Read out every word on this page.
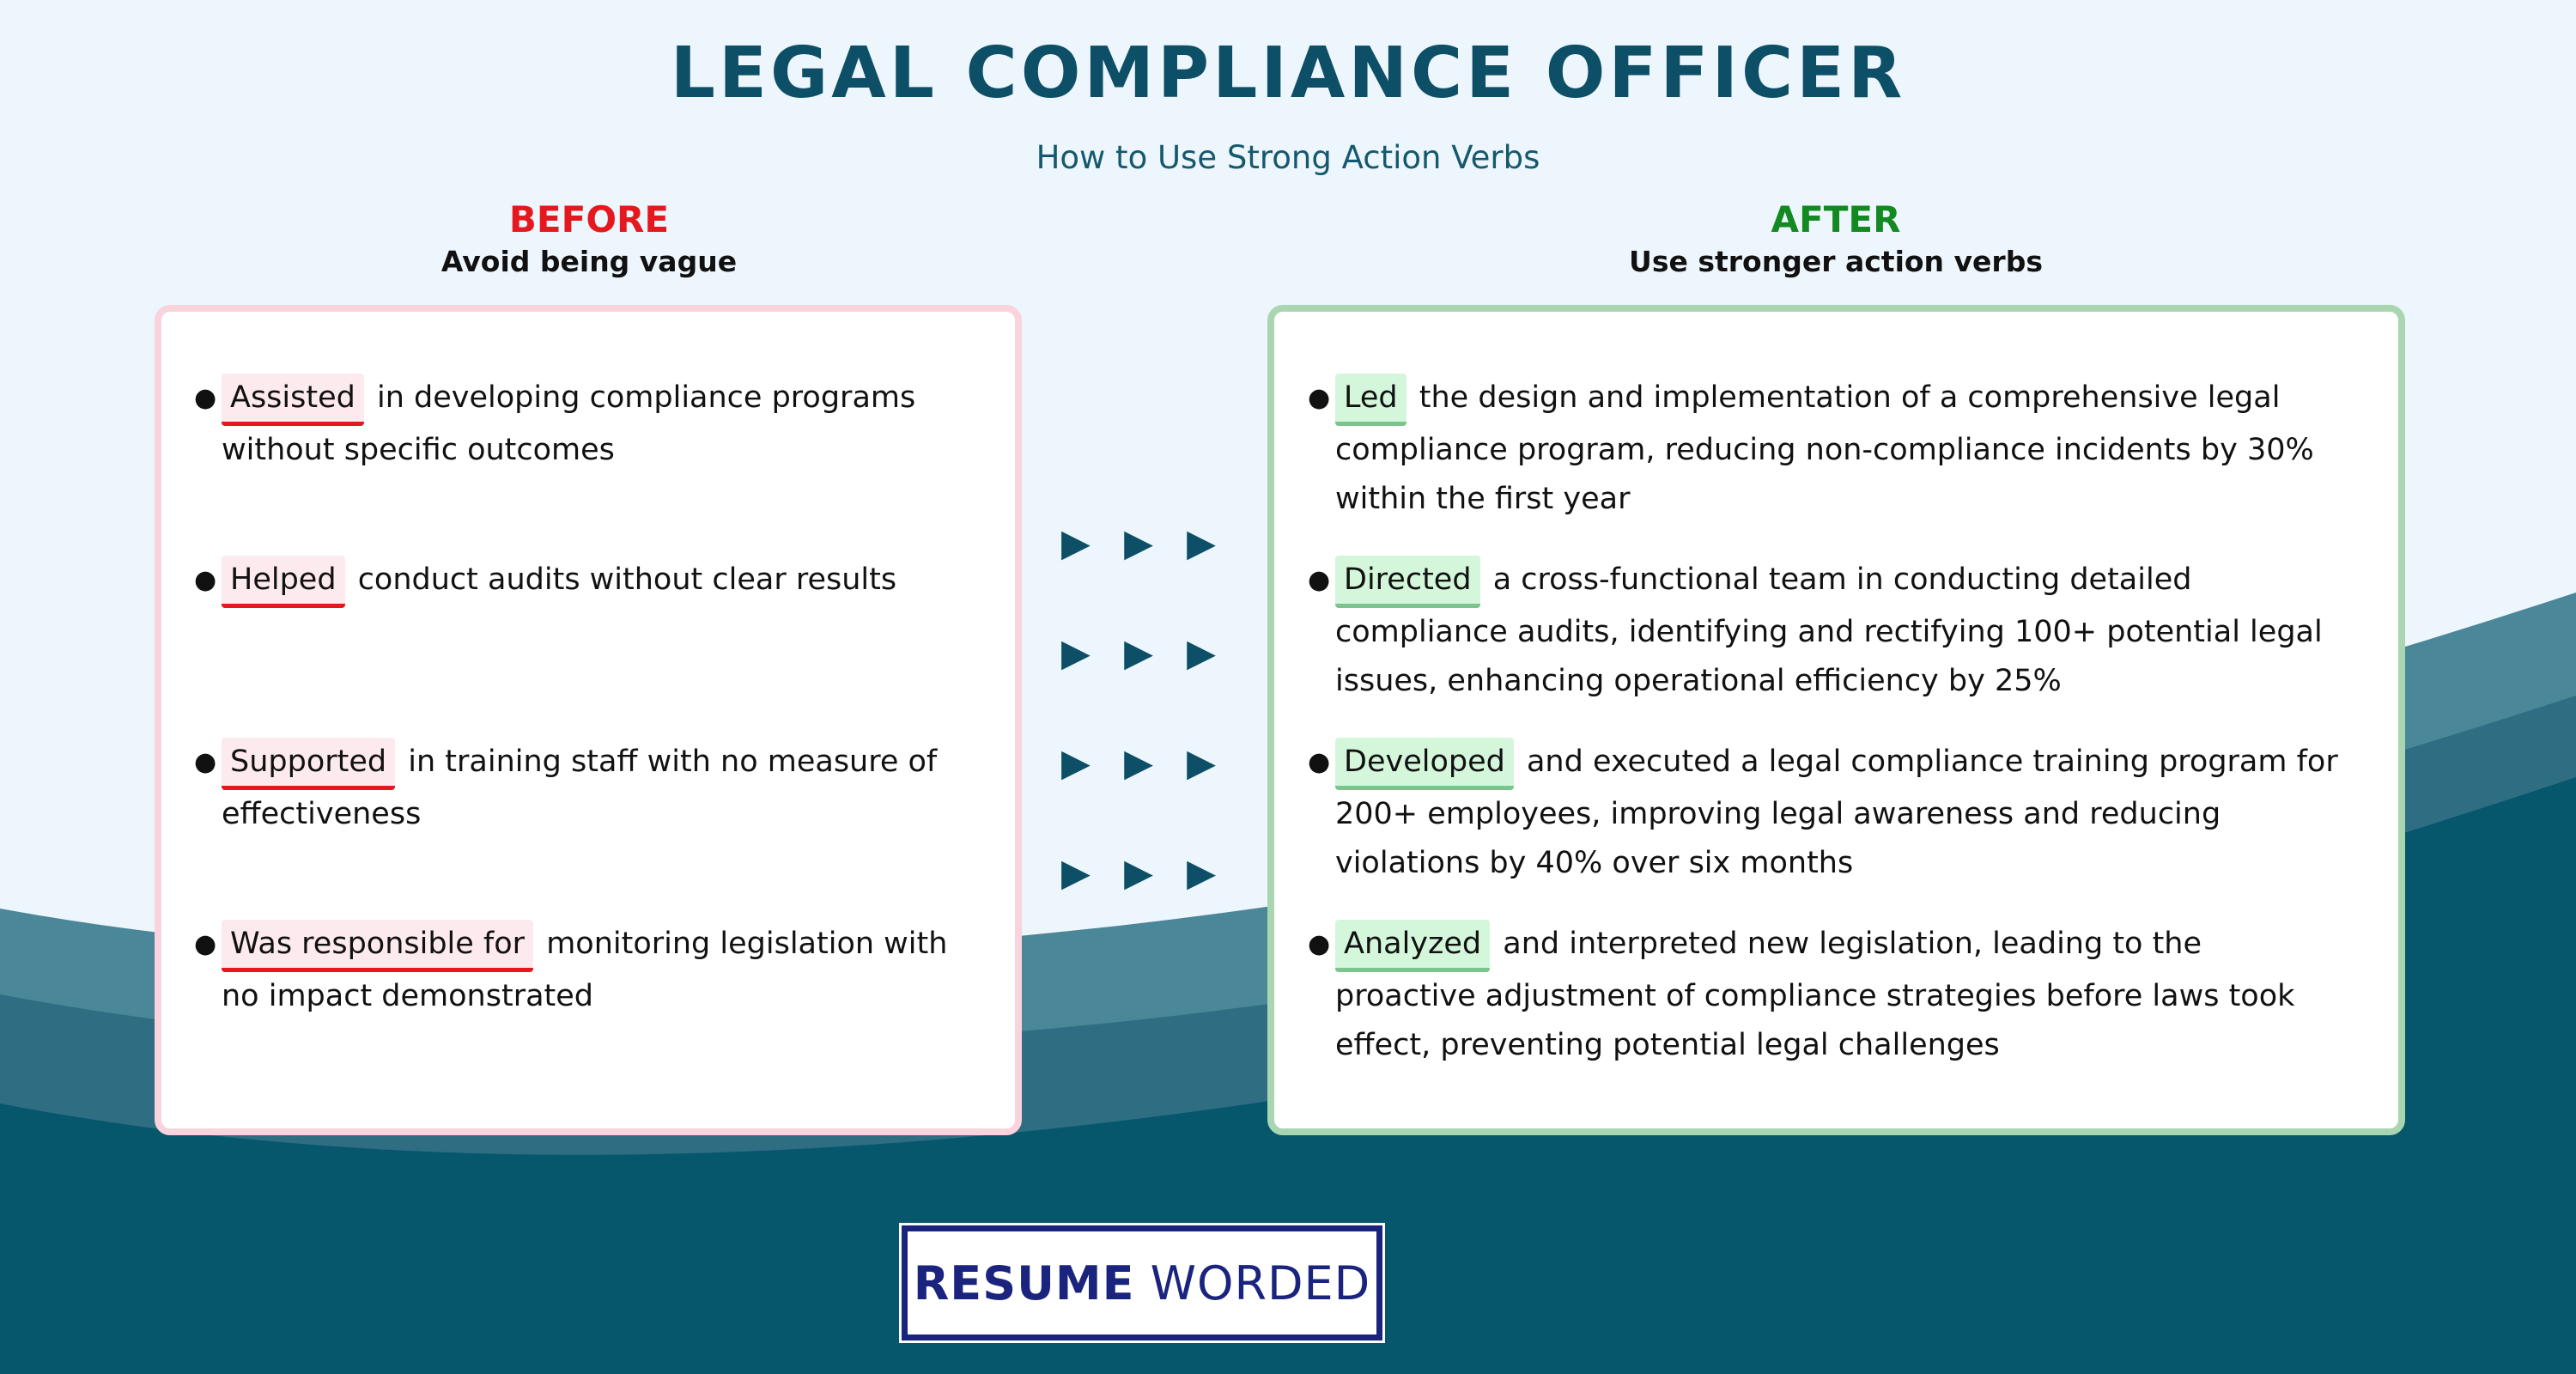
LEGAL COMPLIANCE OFFICER
How to Use Strong Action Verbs
BEFORE
Avoid being vague
AFTER
Use stronger action verbs
● Assisted in developing compliance programs without specific outcomes
● Helped conduct audits without clear results
● Supported in training staff with no measure of effectiveness
● Was responsible for monitoring legislation with no impact demonstrated
▶ ▶ ▶
▶ ▶ ▶
▶ ▶ ▶
▶ ▶ ▶
● Led the design and implementation of a comprehensive legal compliance program, reducing non-compliance incidents by 30% within the first year
● Directed a cross-functional team in conducting detailed compliance audits, identifying and rectifying 100+ potential legal issues, enhancing operational efficiency by 25%
● Developed and executed a legal compliance training program for 200+ employees, improving legal awareness and reducing violations by 40% over six months
● Analyzed and interpreted new legislation, leading to the proactive adjustment of compliance strategies before laws took effect, preventing potential legal challenges
RESUME WORDED
